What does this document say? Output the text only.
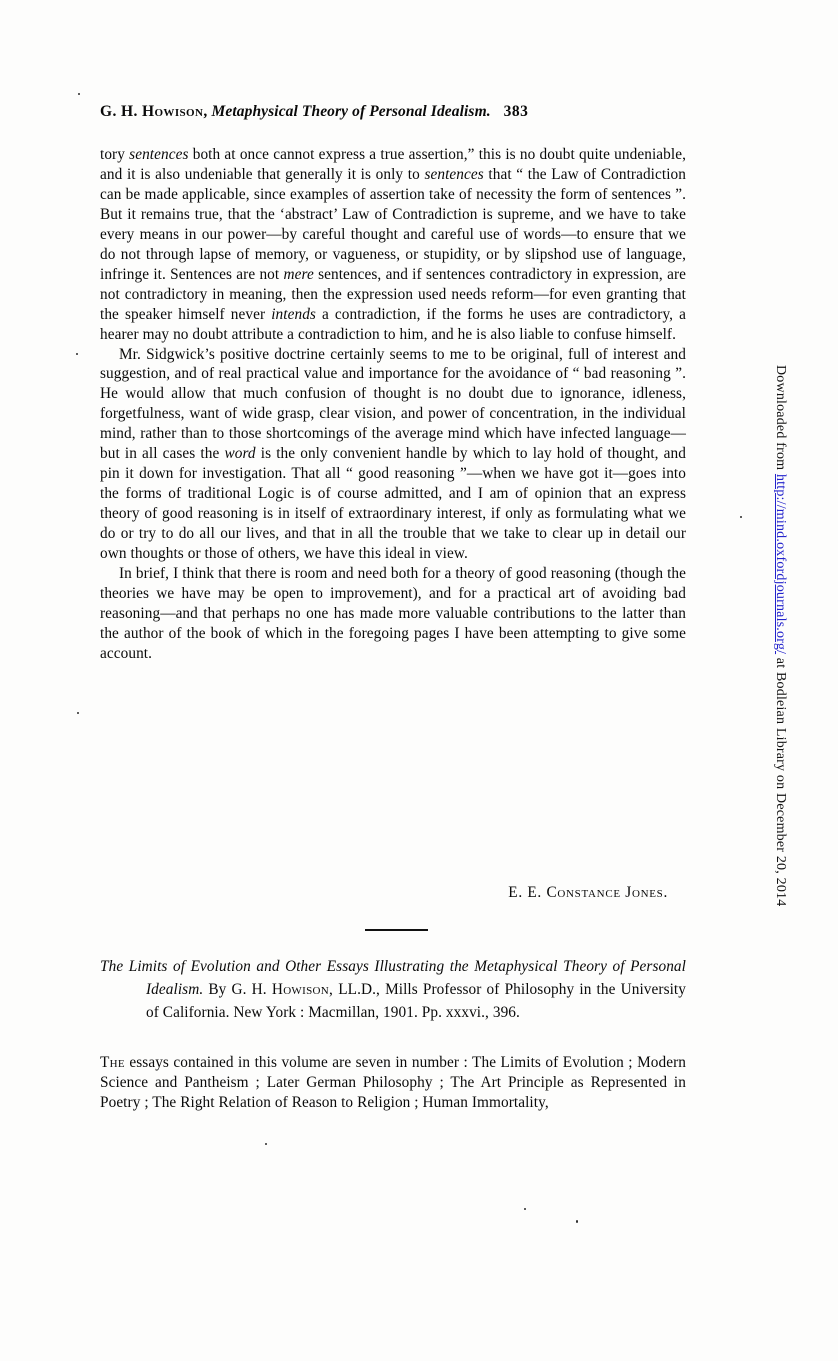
G. H. Howison, Metaphysical Theory of Personal Idealism. 383

tory sentences both at once cannot express a true assertion,” this is no doubt quite undeniable, and it is also undeniable that generally it is only to sentences that “ the Law of Contradiction can be made applicable, since examples of assertion take of necessity the form of sentences ”. But it remains true, that the ‘abstract’ Law of Contradiction is supreme, and we have to take every means in our power—by careful thought and careful use of words—to ensure that we do not through lapse of memory, or vagueness, or stupidity, or by slipshod use of language, infringe it. Sentences are not mere sentences, and if sentences contradictory in expression, are not contradictory in meaning, then the expression used needs reform—for even granting that the speaker himself never intends a contradiction, if the forms he uses are contradictory, a hearer may no doubt attribute a contradiction to him, and he is also liable to confuse himself.

Mr. Sidgwick’s positive doctrine certainly seems to me to be original, full of interest and suggestion, and of real practical value and importance for the avoidance of “ bad reasoning ”. He would allow that much confusion of thought is no doubt due to ignorance, idleness, forgetfulness, want of wide grasp, clear vision, and power of concentration, in the individual mind, rather than to those shortcomings of the average mind which have infected language—but in all cases the word is the only convenient handle by which to lay hold of thought, and pin it down for investigation. That all “ good reasoning ”—when we have got it—goes into the forms of traditional Logic is of course admitted, and I am of opinion that an express theory of good reasoning is in itself of extraordinary interest, if only as formulating what we do or try to do all our lives, and that in all the trouble that we take to clear up in detail our own thoughts or those of others, we have this ideal in view.

In brief, I think that there is room and need both for a theory of good reasoning (though the theories we have may be open to improvement), and for a practical art of avoiding bad reasoning—and that perhaps no one has made more valuable contributions to the latter than the author of the book of which in the foregoing pages I have been attempting to give some account.

E. E. Constance Jones.
The Limits of Evolution and Other Essays Illustrating the Metaphysical Theory of Personal Idealism. By G. H. Howison, LL.D., Mills Professor of Philosophy in the University of California. New York : Macmillan, 1901. Pp. xxxvi., 396.

The essays contained in this volume are seven in number : The Limits of Evolution ; Modern Science and Pantheism ; Later German Philosophy ; The Art Principle as Represented in Poetry ; The Right Relation of Reason to Religion ; Human Immortality,

Downloaded from http://mind.oxfordjournals.org/ at Bodleian Library on December 20, 2014
